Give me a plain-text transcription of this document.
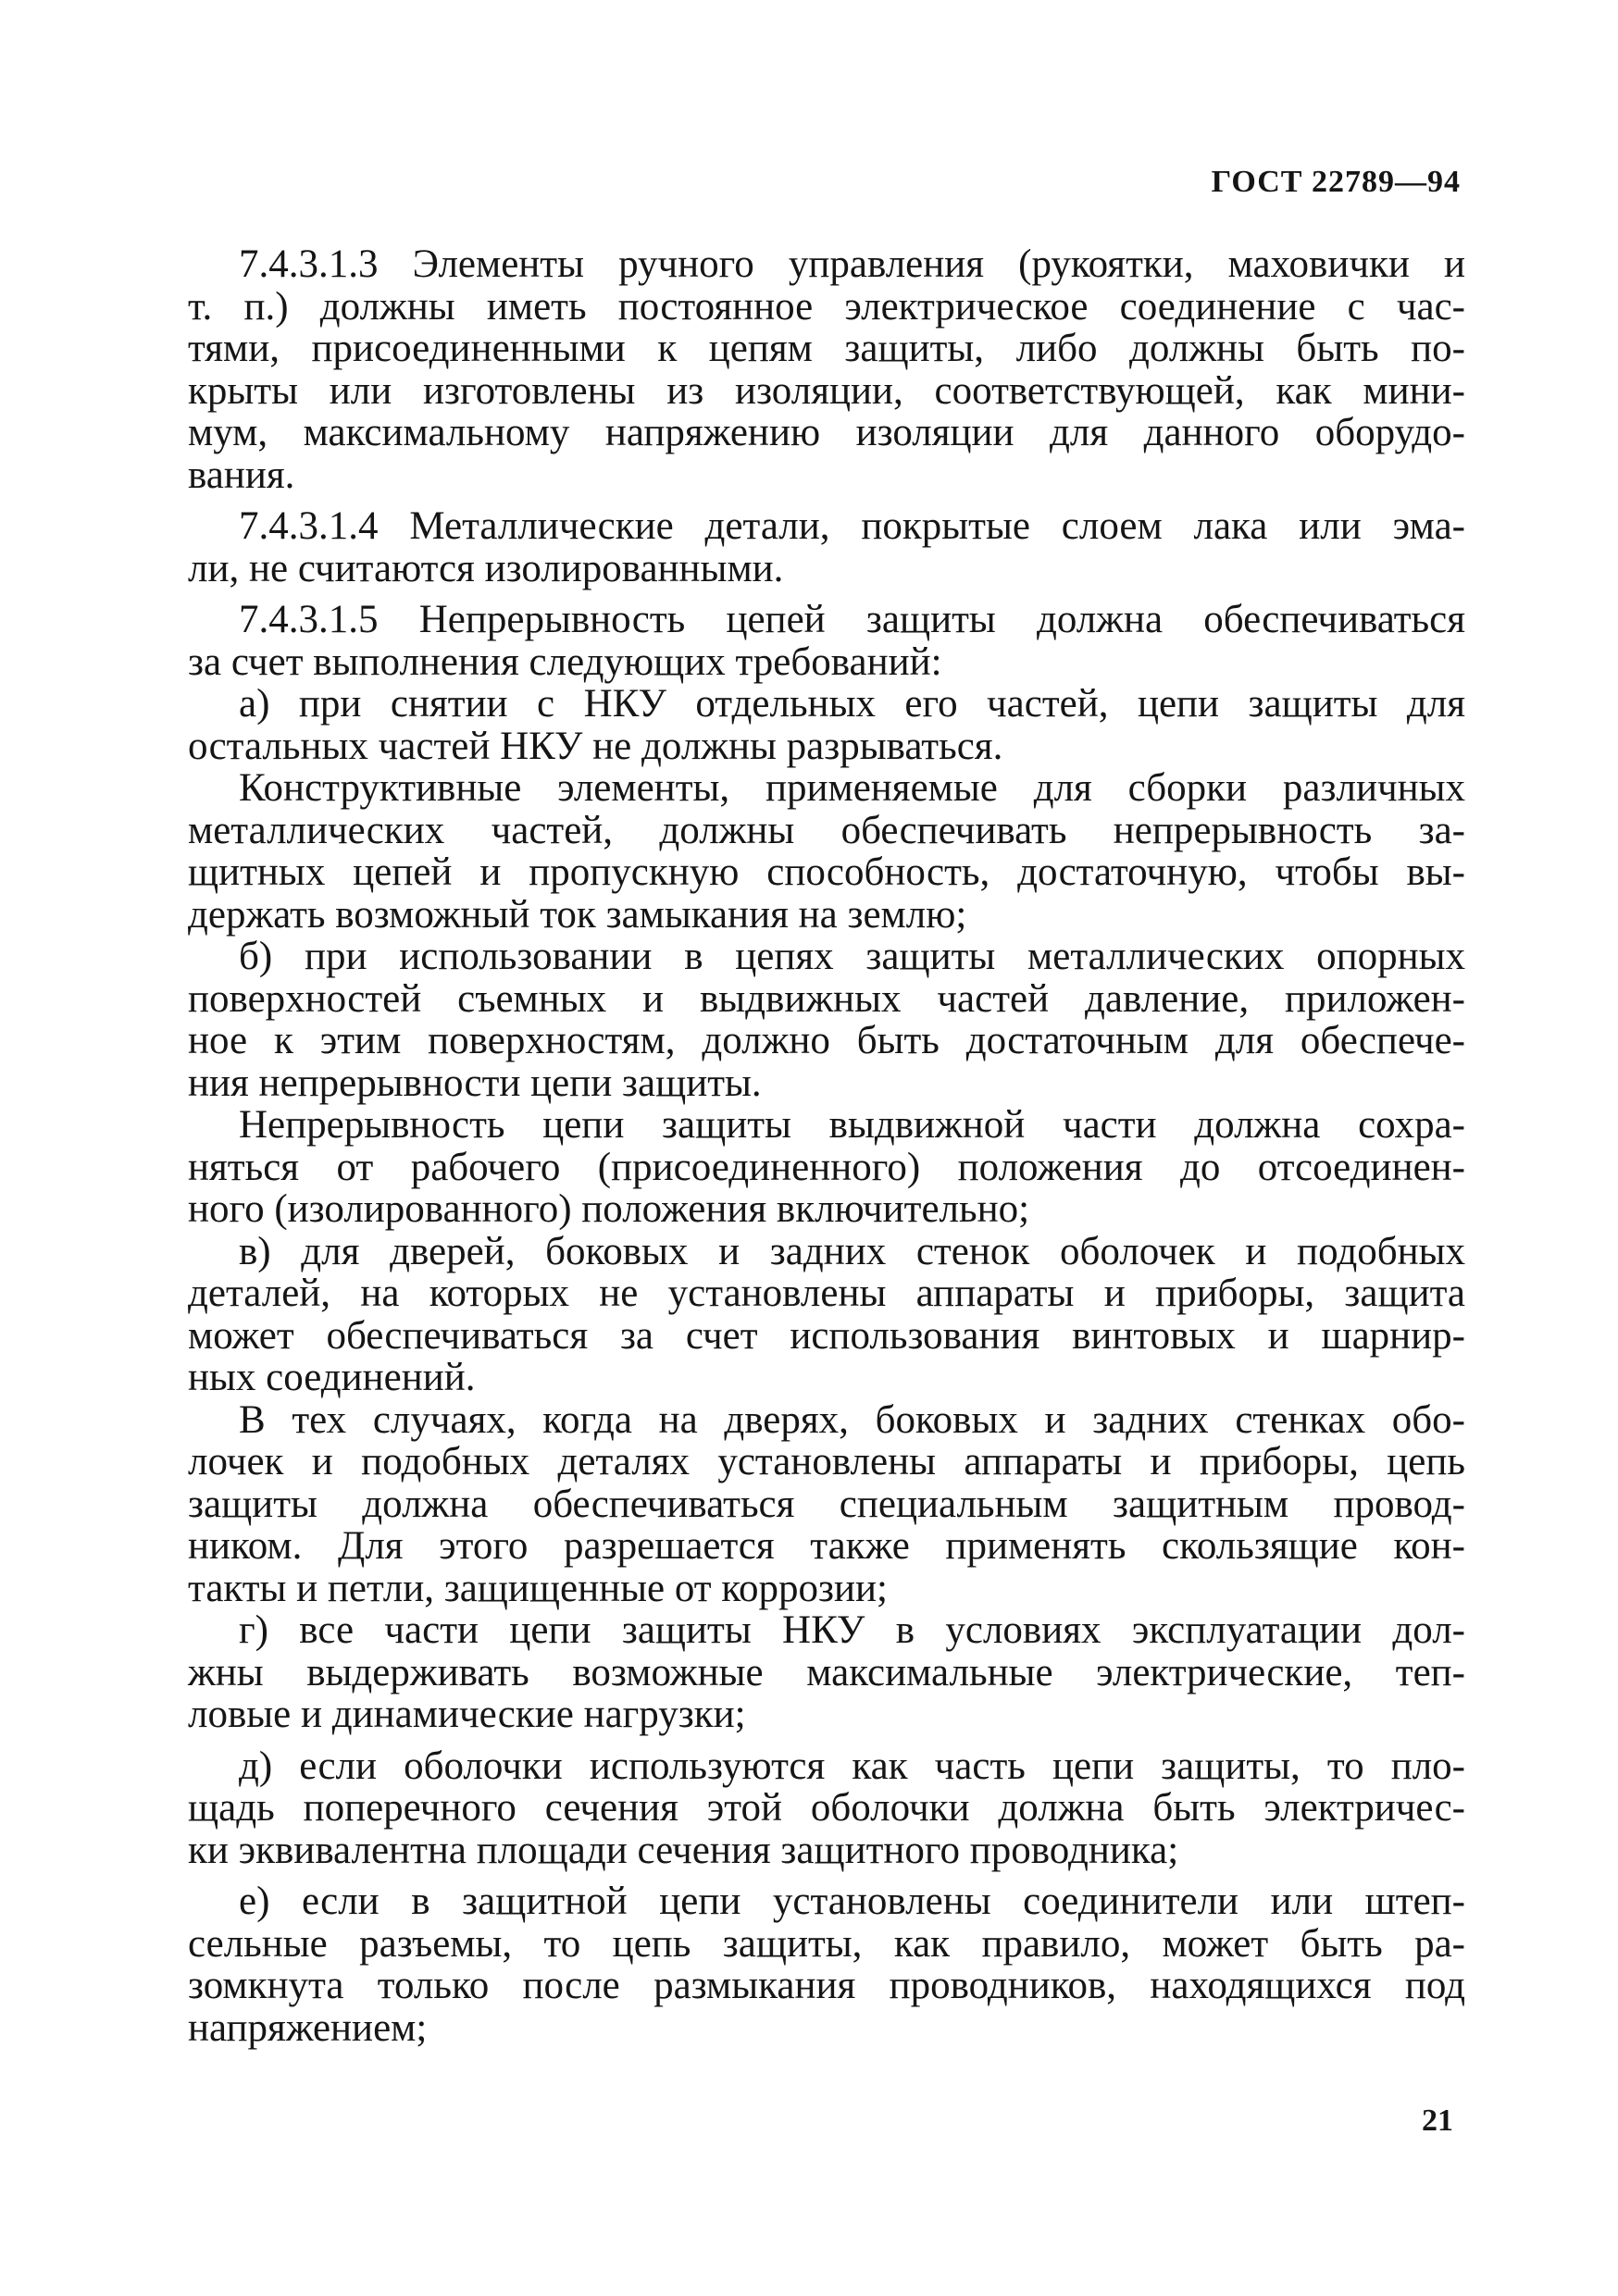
ГОСТ 22789—94
7.4.3.1.3 Элементы ручного управления (рукоятки, маховички и
т. п.) должны иметь постоянное электрическое соединение с час-
тями, присоединенными к цепям защиты, либо должны быть по-
крыты или изготовлены из изоляции, соответствующей, как мини-
мум, максимальному напряжению изоляции для данного оборудо-
вания.
7.4.3.1.4 Металлические детали, покрытые слоем лака или эма-
ли, не считаются изолированными.
7.4.3.1.5 Непрерывность цепей защиты должна обеспечиваться
за счет выполнения следующих требований:
а) при снятии с НКУ отдельных его частей, цепи защиты для
остальных частей НКУ не должны разрываться.
Конструктивные элементы, применяемые для сборки различных
металлических частей, должны обеспечивать непрерывность за-
щитных цепей и пропускную способность, достаточную, чтобы вы-
держать возможный ток замыкания на землю;
б) при использовании в цепях защиты металлических опорных
поверхностей съемных и выдвижных частей давление, приложен-
ное к этим поверхностям, должно быть достаточным для обеспече-
ния непрерывности цепи защиты.
Непрерывность цепи защиты выдвижной части должна сохра-
няться от рабочего (присоединенного) положения до отсоединен-
ного (изолированного) положения включительно;
в) для дверей, боковых и задних стенок оболочек и подобных
деталей, на которых не установлены аппараты и приборы, защита
может обеспечиваться за счет использования винтовых и шарнир-
ных соединений.
В тех случаях, когда на дверях, боковых и задних стенках обо-
лочек и подобных деталях установлены аппараты и приборы, цепь
защиты должна обеспечиваться специальным защитным провод-
ником. Для этого разрешается также применять скользящие кон-
такты и петли, защищенные от коррозии;
г) все части цепи защиты НКУ в условиях эксплуатации дол-
жны выдерживать возможные максимальные электрические, теп-
ловые и динамические нагрузки;
д) если оболочки используются как часть цепи защиты, то пло-
щадь поперечного сечения этой оболочки должна быть электричес-
ки эквивалентна площади сечения защитного проводника;
е) если в защитной цепи установлены соединители или штеп-
сельные разъемы, то цепь защиты, как правило, может быть ра-
зомкнута только после размыкания проводников, находящихся под
напряжением;
21
